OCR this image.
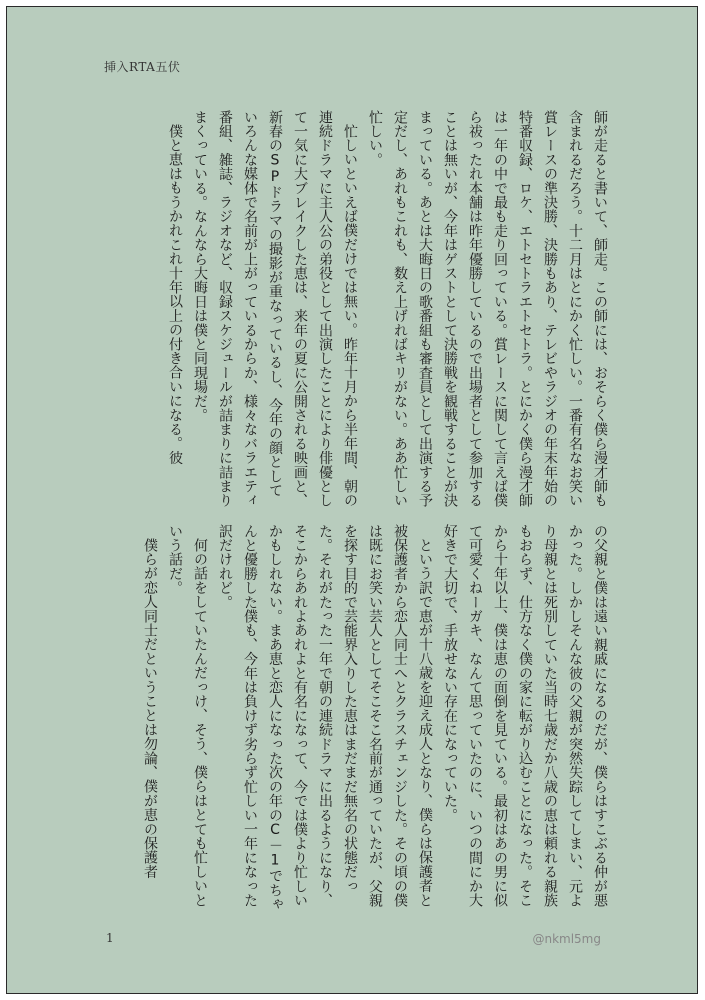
挿入RTA五伏

師が走ると書いて、師走。この師には、おそらく僕ら漫才師も含まれるだろう。十二月はとにかく忙しい。一番有名なお笑い賞レースの準決勝、決勝もあり、テレビやラジオの年末年始の特番収録、ロケ、エトセトラエトセトラ。とにかく僕ら漫才師は一年の中で最も走り回っている。賞レースに関して言えば僕ら祓ったれ本舗は昨年優勝しているので出場者として参加することは無いが、今年はゲストとして決勝戦を観戦することが決まっている。あとは大晦日の歌番組も審査員として出演する予定だし、あれもこれも、数え上げればキリがない。ああ忙しい忙しい。

忙しいといえば僕だけでは無い。昨年十月から半年間、朝の連続ドラマに主人公の弟役として出演したことにより俳優として一気に大ブレイクした恵は、来年の夏に公開される映画と、新春のSPドラマの撮影が重なっているし、今年の顔としていろんな媒体で名前が上がっているからか、様々なバラエティ番組、雑誌、ラジオなど、収録スケジュールが詰まりに詰まりまくっている。なんなら大晦日は僕と同現場だ。

僕と恵はもうかれこれ十年以上の付き合いになる。彼

の父親と僕は遠い親戚になるのだが、僕らはすこぶる仲が悪かった。しかしそんな彼の父親が突然失踪してしまい、元より母親とは死別していた当時七歳だか八歳の恵は頼れる親族もおらず、仕方なく僕の家に転がり込むことになった。そこから十年以上、僕は恵の面倒を見ている。最初はあの男に似て可愛くねーガキ、なんて思っていたのに、いつの間にか大好きで大切で、手放せない存在になっていた。

という訳で恵が十八歳を迎え成人となり、僕らは保護者と被保護者から恋人同士へとクラスチェンジした。その頃の僕は既にお笑い芸人としてそこそこ名前が通っていたが、父親を探す目的で芸能界入りした恵はまだまだ無名の状態だった。それがたった一年で朝の連続ドラマに出るようになり、そこからあれよあれよと有名になって、今では僕より忙しいかもしれない。まあ恵と恋人になった次の年のC－1でちゃんと優勝した僕も、今年は負けず劣らず忙しい一年になった訳だけれど。

何の話をしていたんだっけ、そう、僕らはとても忙しいという話だ。

僕らが恋人同士だということは勿論、僕が恵の保護者

1	@nkml5mg
